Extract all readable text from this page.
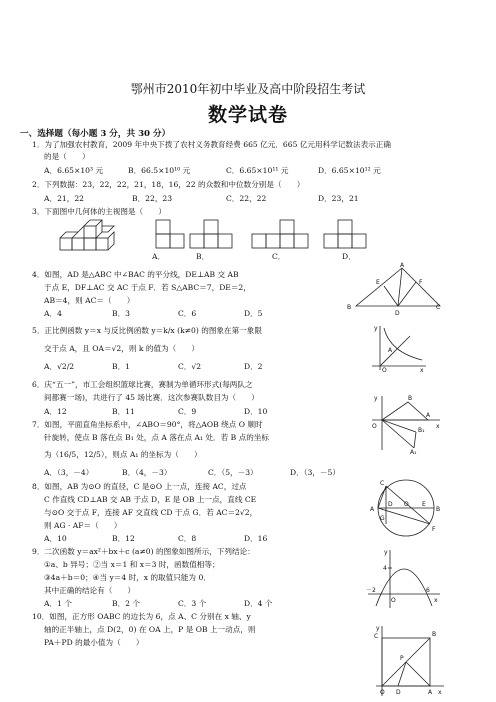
鄂州市2010年初中毕业及高中阶段招生考试
数学试卷
一、选择题（每小题 3 分，共 30 分）
1．为了加强农村教育，2009 年中央下拨了农村义务教育经费 665 亿元．665 亿元用科学记数法表示正确
的是（　　）
A．6.65×10³ 元	B．66.5×10¹⁰ 元	C．6.65×10¹¹ 元	D．6.65×10¹² 元
2．下列数据：23，22，22，21，18，16，22 的众数和中位数分别是（　　）
A．21，22	B．22，23	C．22，22	D．23，21
3．下面图中几何体的主视图是（　　）
A．	B．	C．	D．
4．如图，AD 是△ABC 中∠BAC 的平分线，DE⊥AB 交 AB
于点 E，DF⊥AC 交 AC 于点 F．若 S△ABC＝7，DE＝2，
AB＝4，则 AC＝（　　）
A．4	B．3	C．6	D．5
A
E	F
B
D
C
5．正比例函数 y＝x 与反比例函数 y＝k/x (k≠0) 的图象在第一象限
交于点 A，且 OA＝√2，则 k 的值为（　　）
A．√2/2	B．1	C．√2	D．2
y
A
O	x
6．庆“五一”，市工会组织篮球比赛，赛制为单循环形式(每两队之
间都赛一场)，共进行了 45 场比赛．这次参赛队数目为（　　）
A．12	B．11	C．9	D．10
7．如图，平面直角坐标系中，∠ABO＝90°，将△AOB 绕点 O 顺时
针旋转，使点 B 落在点 B₁ 处，点 A 落在点 A₁ 处．若 B 点的坐标
为（16/5，12/5），则点 A₁ 的坐标为（　　）
A．（3，－4）	B．（4，－3）	C．（5，－3）	D．（3，－5）
y	B
A
O
B₁
x
A₁
8．如图，AB 为⊙O 的直径，C 是⊙O 上一点，连接 AC，过点
C 作直线 CD⊥AB 交 AB 于点 D，E 是 OB 上一点，直线 CE
与⊙O 交于点 F，连接 AF 交直线 CD 于点 G．若 AC＝2√2，
则 AG · AF＝（　　）
A．10	B．12	C．8	D．16
C
A
D O E
B
G
F
9．二次函数 y＝ax²＋bx＋c (a≠0) 的图象如图所示，下列结论：
①a、b 异号；②当 x＝1 和 x＝3 时，函数值相等；
③4a＋b＝0；④当 y＝4 时，x 的取值只能为 0．
其中正确的结论有（　　）
A．1 个	B．2 个	C．3 个	D．4 个
y
4
－2
O
6
x
10．如图，正方形 OABC 的边长为 6，点 A、C 分别在 x 轴、y
轴的正半轴上，点 D(2，0) 在 OA 上，P 是 OB 上一动点，则
PA＋PD 的最小值为（　　）
y
C	B
P
O D	A x
